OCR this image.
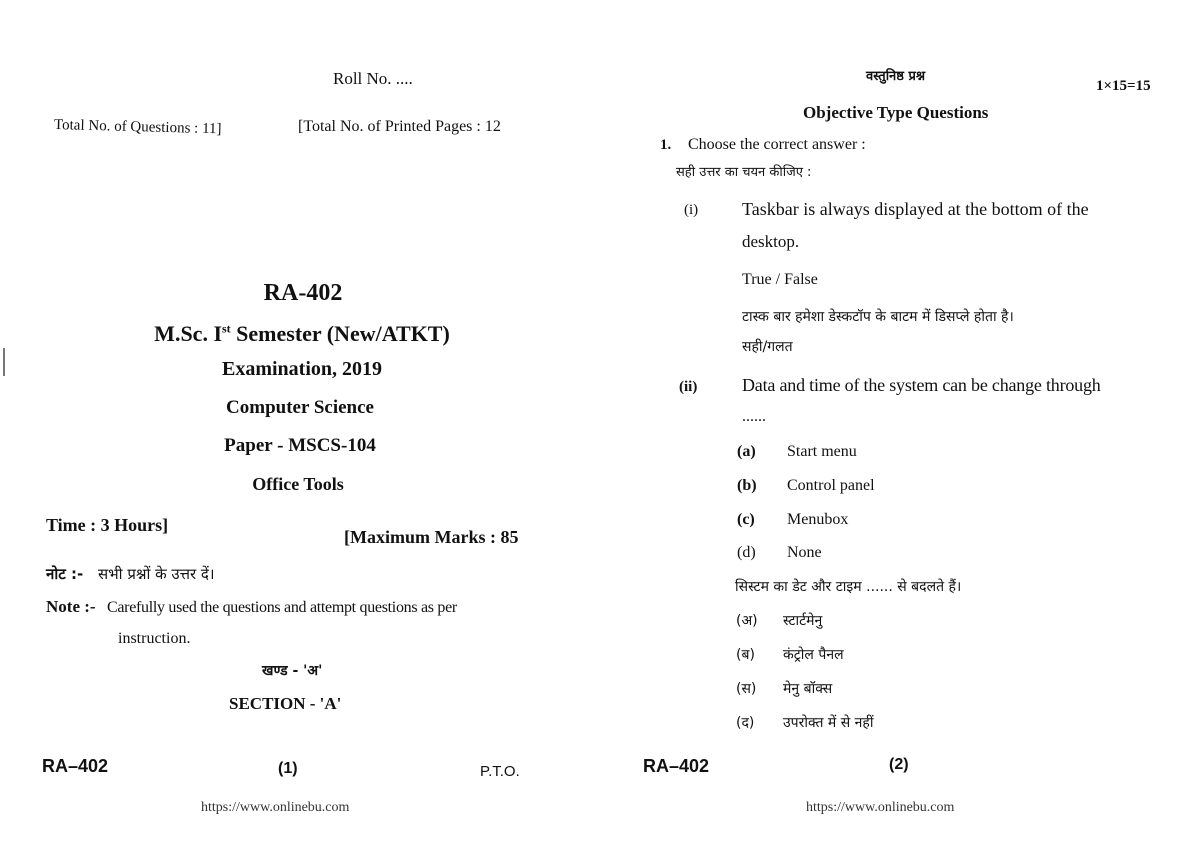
Roll No. ....
Total No. of Questions : 11]	[Total No. of Printed Pages : 12
RA-402
M.Sc. Ist Semester (New/ATKT)
Examination, 2019
Computer Science
Paper - MSCS-104
Office Tools
Time : 3 Hours]
[Maximum Marks : 85
नोट :- सभी प्रश्नों के उत्तर दें।
Note :- Carefully used the questions and attempt questions as per
instruction.
खण्ड - 'अ'
SECTION - 'A'
RA–402	(1)	P.T.O.
https://www.onlinebu.com
वस्तुनिष्ठ प्रश्न
1×15=15
Objective Type Questions
1. Choose the correct answer :
सही उत्तर का चयन कीजिए :
(i) Taskbar is always displayed at the bottom of the
desktop.
True / False
टास्क बार हमेशा डेस्कटॉप के बाटम में डिसप्ले होता है।
सही/गलत
(ii) Data and time of the system can be change through
......
(a) Start menu
(b) Control panel
(c) Menubox
(d) None
सिस्टम का डेट और टाइम ...... से बदलते हैं।
(अ) स्टार्टमेनु
(ब) कंट्रोल पैनल
(स) मेनु बॉक्स
(द) उपरोक्त में से नहीं
RA–402	(2)
https://www.onlinebu.com
